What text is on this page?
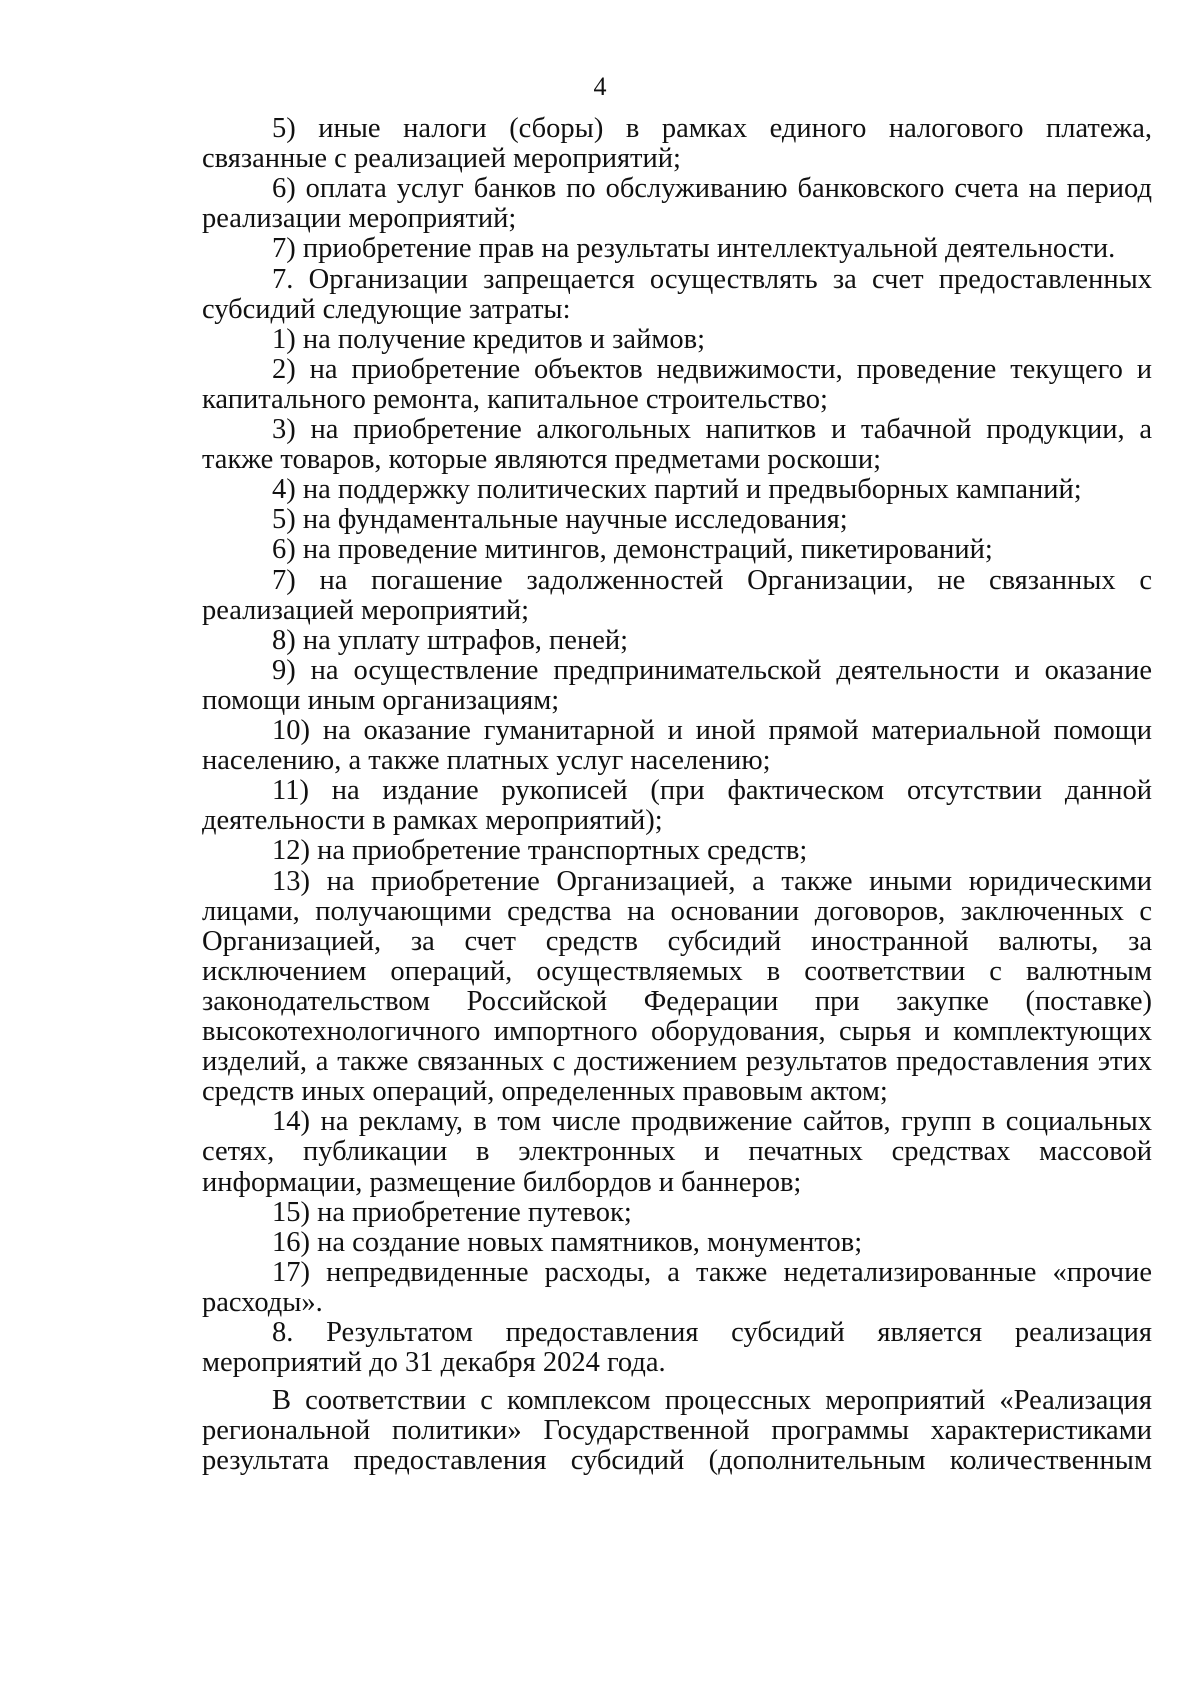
4
5) иные налоги (сборы) в рамках единого налогового платежа,
связанные с реализацией мероприятий;
6) оплата услуг банков по обслуживанию банковского счета на период
реализации мероприятий;
7) приобретение прав на результаты интеллектуальной деятельности.
7. Организации запрещается осуществлять за счет предоставленных
субсидий следующие затраты:
1) на получение кредитов и займов;
2) на приобретение объектов недвижимости, проведение текущего и
капитального ремонта, капитальное строительство;
3) на приобретение алкогольных напитков и табачной продукции, а
также товаров, которые являются предметами роскоши;
4) на поддержку политических партий и предвыборных кампаний;
5) на фундаментальные научные исследования;
6) на проведение митингов, демонстраций, пикетирований;
7) на погашение задолженностей Организации, не связанных с
реализацией мероприятий;
8) на уплату штрафов, пеней;
9) на осуществление предпринимательской деятельности и оказание
помощи иным организациям;
10) на оказание гуманитарной и иной прямой материальной помощи
населению, а также платных услуг населению;
11) на издание рукописей (при фактическом отсутствии данной
деятельности в рамках мероприятий);
12) на приобретение транспортных средств;
13) на приобретение Организацией, а также иными юридическими
лицами, получающими средства на основании договоров, заключенных с
Организацией, за счет средств субсидий иностранной валюты, за
исключением операций, осуществляемых в соответствии с валютным
законодательством Российской Федерации при закупке (поставке)
высокотехнологичного импортного оборудования, сырья и комплектующих
изделий, а также связанных с достижением результатов предоставления этих
средств иных операций, определенных правовым актом;
14) на рекламу, в том числе продвижение сайтов, групп в социальных
сетях, публикации в электронных и печатных средствах массовой
информации, размещение билбордов и баннеров;
15) на приобретение путевок;
16) на создание новых памятников, монументов;
17) непредвиденные расходы, а также недетализированные «прочие
расходы».
8. Результатом предоставления субсидий является реализация
мероприятий до 31 декабря 2024 года.
В соответствии с комплексом процессных мероприятий «Реализация
региональной политики» Государственной программы характеристиками
результата предоставления субсидий (дополнительным количественным
